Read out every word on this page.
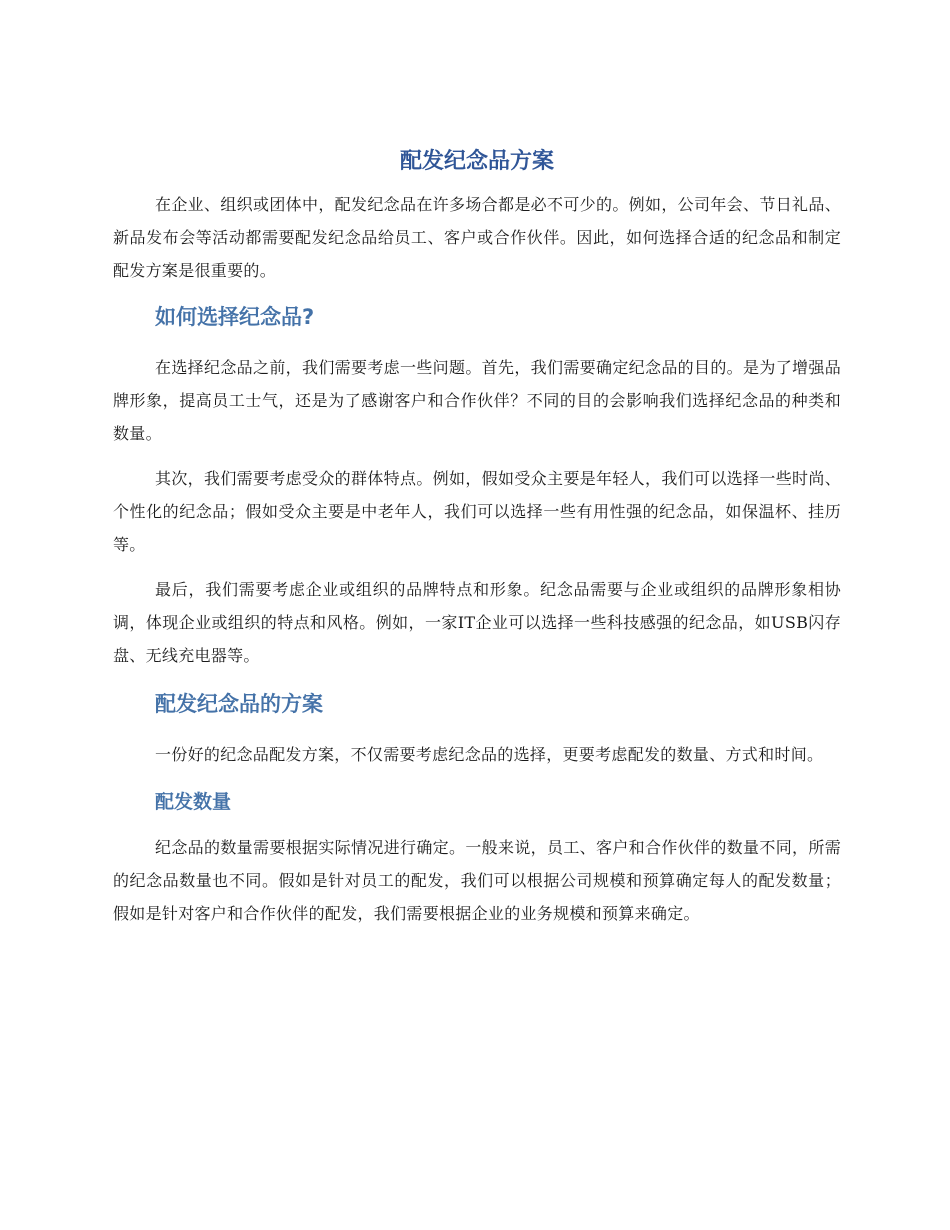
配发纪念品方案

在企业、组织或团体中，配发纪念品在许多场合都是必不可少的。例如，公司年会、节日礼品、新品发布会等活动都需要配发纪念品给员工、客户或合作伙伴。因此，如何选择合适的纪念品和制定配发方案是很重要的。

如何选择纪念品?

在选择纪念品之前，我们需要考虑一些问题。首先，我们需要确定纪念品的目的。是为了增强品牌形象，提高员工士气，还是为了感谢客户和合作伙伴？不同的目的会影响我们选择纪念品的种类和数量。

其次，我们需要考虑受众的群体特点。例如，假如受众主要是年轻人，我们可以选择一些时尚、个性化的纪念品；假如受众主要是中老年人，我们可以选择一些有用性强的纪念品，如保温杯、挂历等。

最后，我们需要考虑企业或组织的品牌特点和形象。纪念品需要与企业或组织的品牌形象相协调，体现企业或组织的特点和风格。例如，一家IT企业可以选择一些科技感强的纪念品，如USB闪存盘、无线充电器等。

配发纪念品的方案

一份好的纪念品配发方案，不仅需要考虑纪念品的选择，更要考虑配发的数量、方式和时间。

配发数量

纪念品的数量需要根据实际情况进行确定。一般来说，员工、客户和合作伙伴的数量不同，所需的纪念品数量也不同。假如是针对员工的配发，我们可以根据公司规模和预算确定每人的配发数量；假如是针对客户和合作伙伴的配发，我们需要根据企业的业务规模和预算来确定。
